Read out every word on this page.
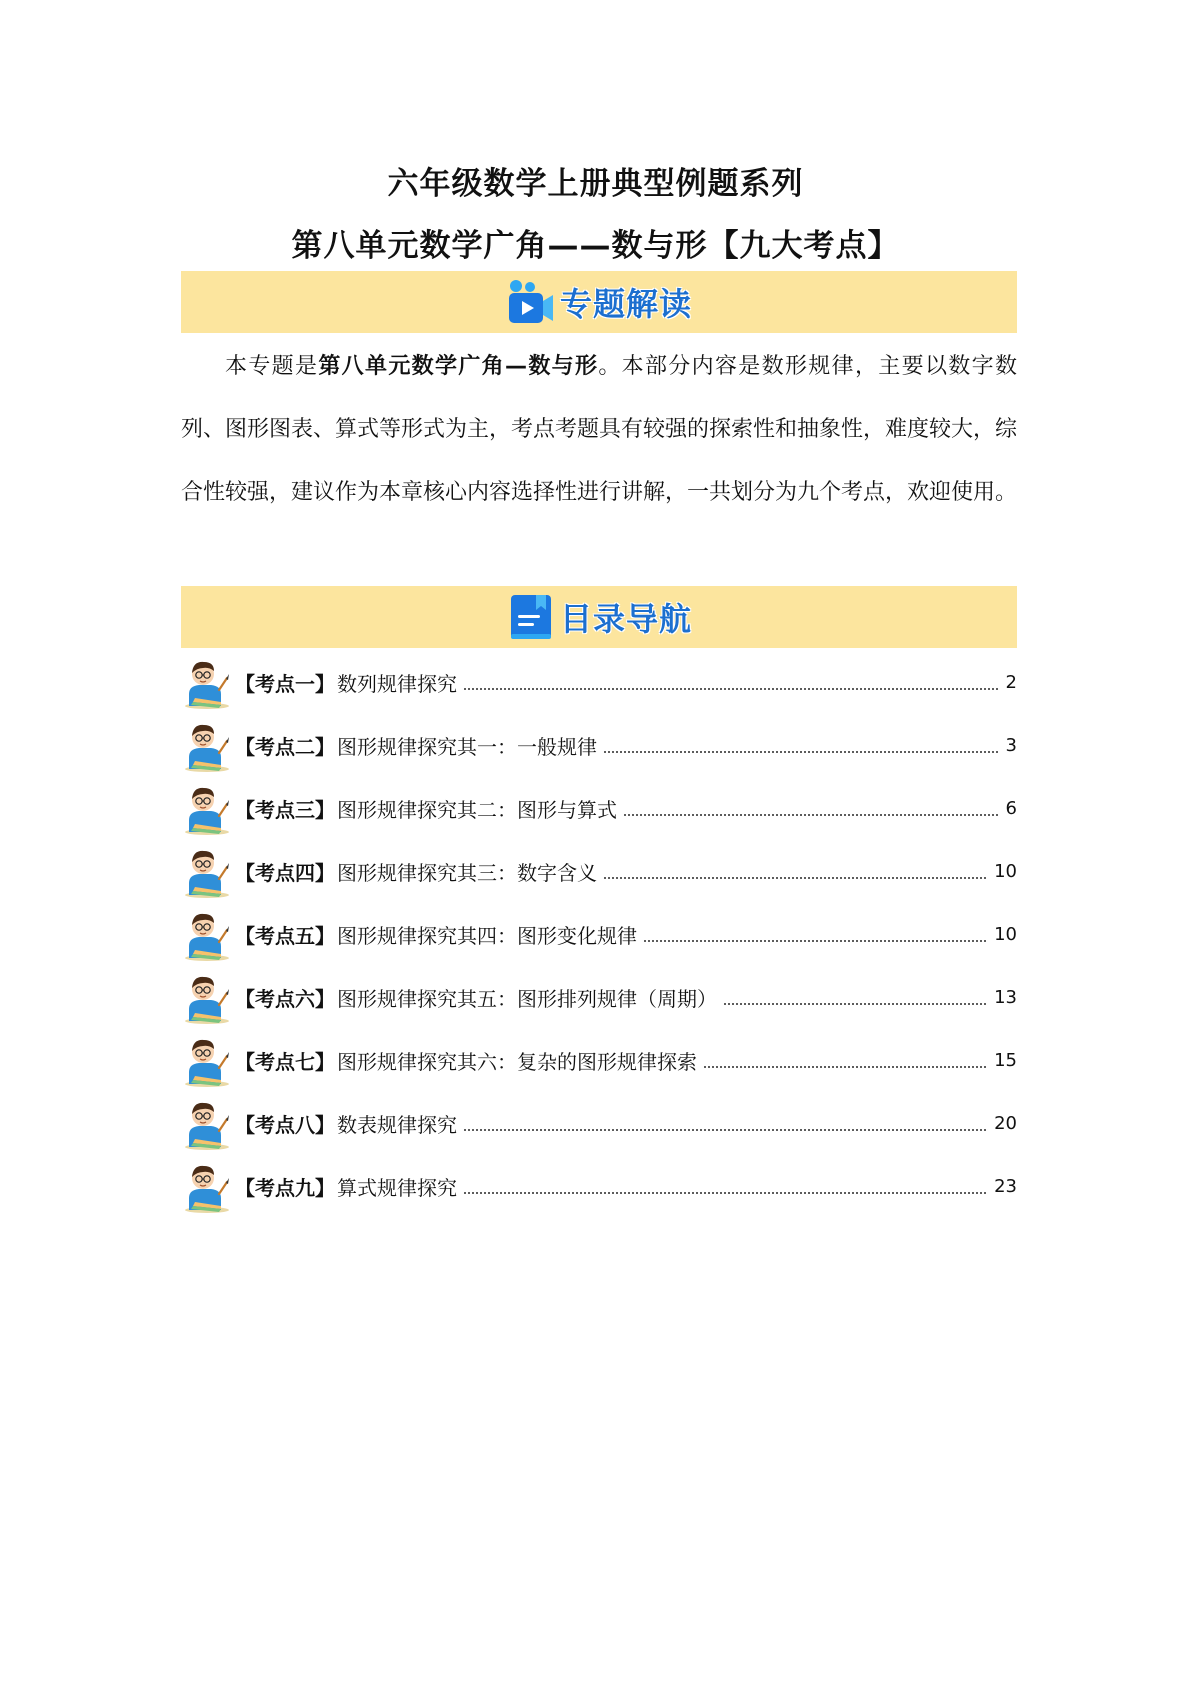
六年级数学上册典型例题系列
第八单元数学广角——数与形【九大考点】
专题解读

本专题是第八单元数学广角—数与形。本部分内容是数形规律，主要以数字数列、图形图表、算式等形式为主，考点考题具有较强的探索性和抽象性，难度较大，综合性较强，建议作为本章核心内容选择性进行讲解，一共划分为九个考点，欢迎使用。

目录导航
【考点一】 数列规律探究	2
【考点二】 图形规律探究其一：一般规律	3
【考点三】 图形规律探究其二：图形与算式	6
【考点四】 图形规律探究其三：数字含义	10
【考点五】 图形规律探究其四：图形变化规律	10
【考点六】 图形规律探究其五：图形排列规律（周期）	13
【考点七】 图形规律探究其六：复杂的图形规律探索	15
【考点八】 数表规律探究	20
【考点九】 算式规律探究	23
